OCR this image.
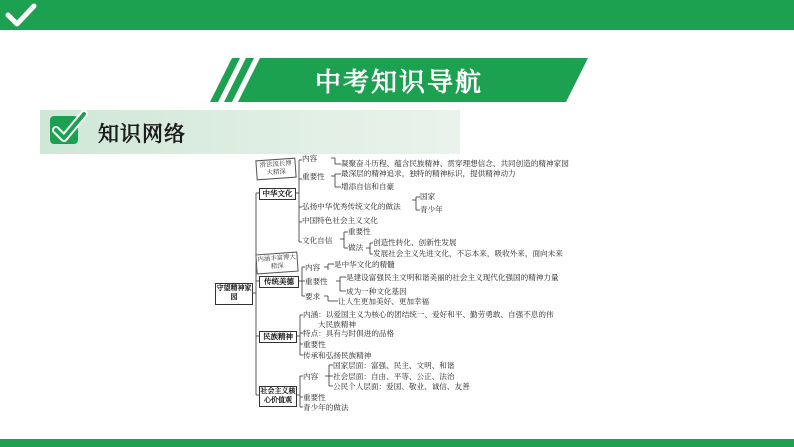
中考知识导航
知识网络
守望精神家园
滑法流长博大精深
中华文化
内容
凝聚奋斗历程、蕴含民族精神、贯穿理想信念、共同创造的精神家园
重要性 最深层的精神追求，独特的精神标识，提供精神动力
增添自信和自豪
弘扬中华优秀传统文化的做法
国家
青少年
中国特色社会主义文化
文化自信
重要性
做法
创造性转化、创新性发展
发展社会主义先进文化，不忘本来，吸收外来，面向未来
内涵丰富博大精深
传统美德
内容 是中华文化的精髓
重要性 是建设富强民主文明和谐美丽的社会主义现代化强国的精神力量
成为一种文化基因
要求
让人生更加美好、更加幸福
民族精神
内涵：以爱国主义为核心的团结统一、爱好和平、勤劳勇敢、自强不息的伟
大民族精神
特点：具有与时俱进的品格
重要性
传承和弘扬民族精神
社会主义核心价值观
内容
国家层面：富强、民主、文明、和谐
社会层面：自由、平等、公正、法治
公民个人层面：爱国、敬业、诚信、友善
重要性
青少年的做法
